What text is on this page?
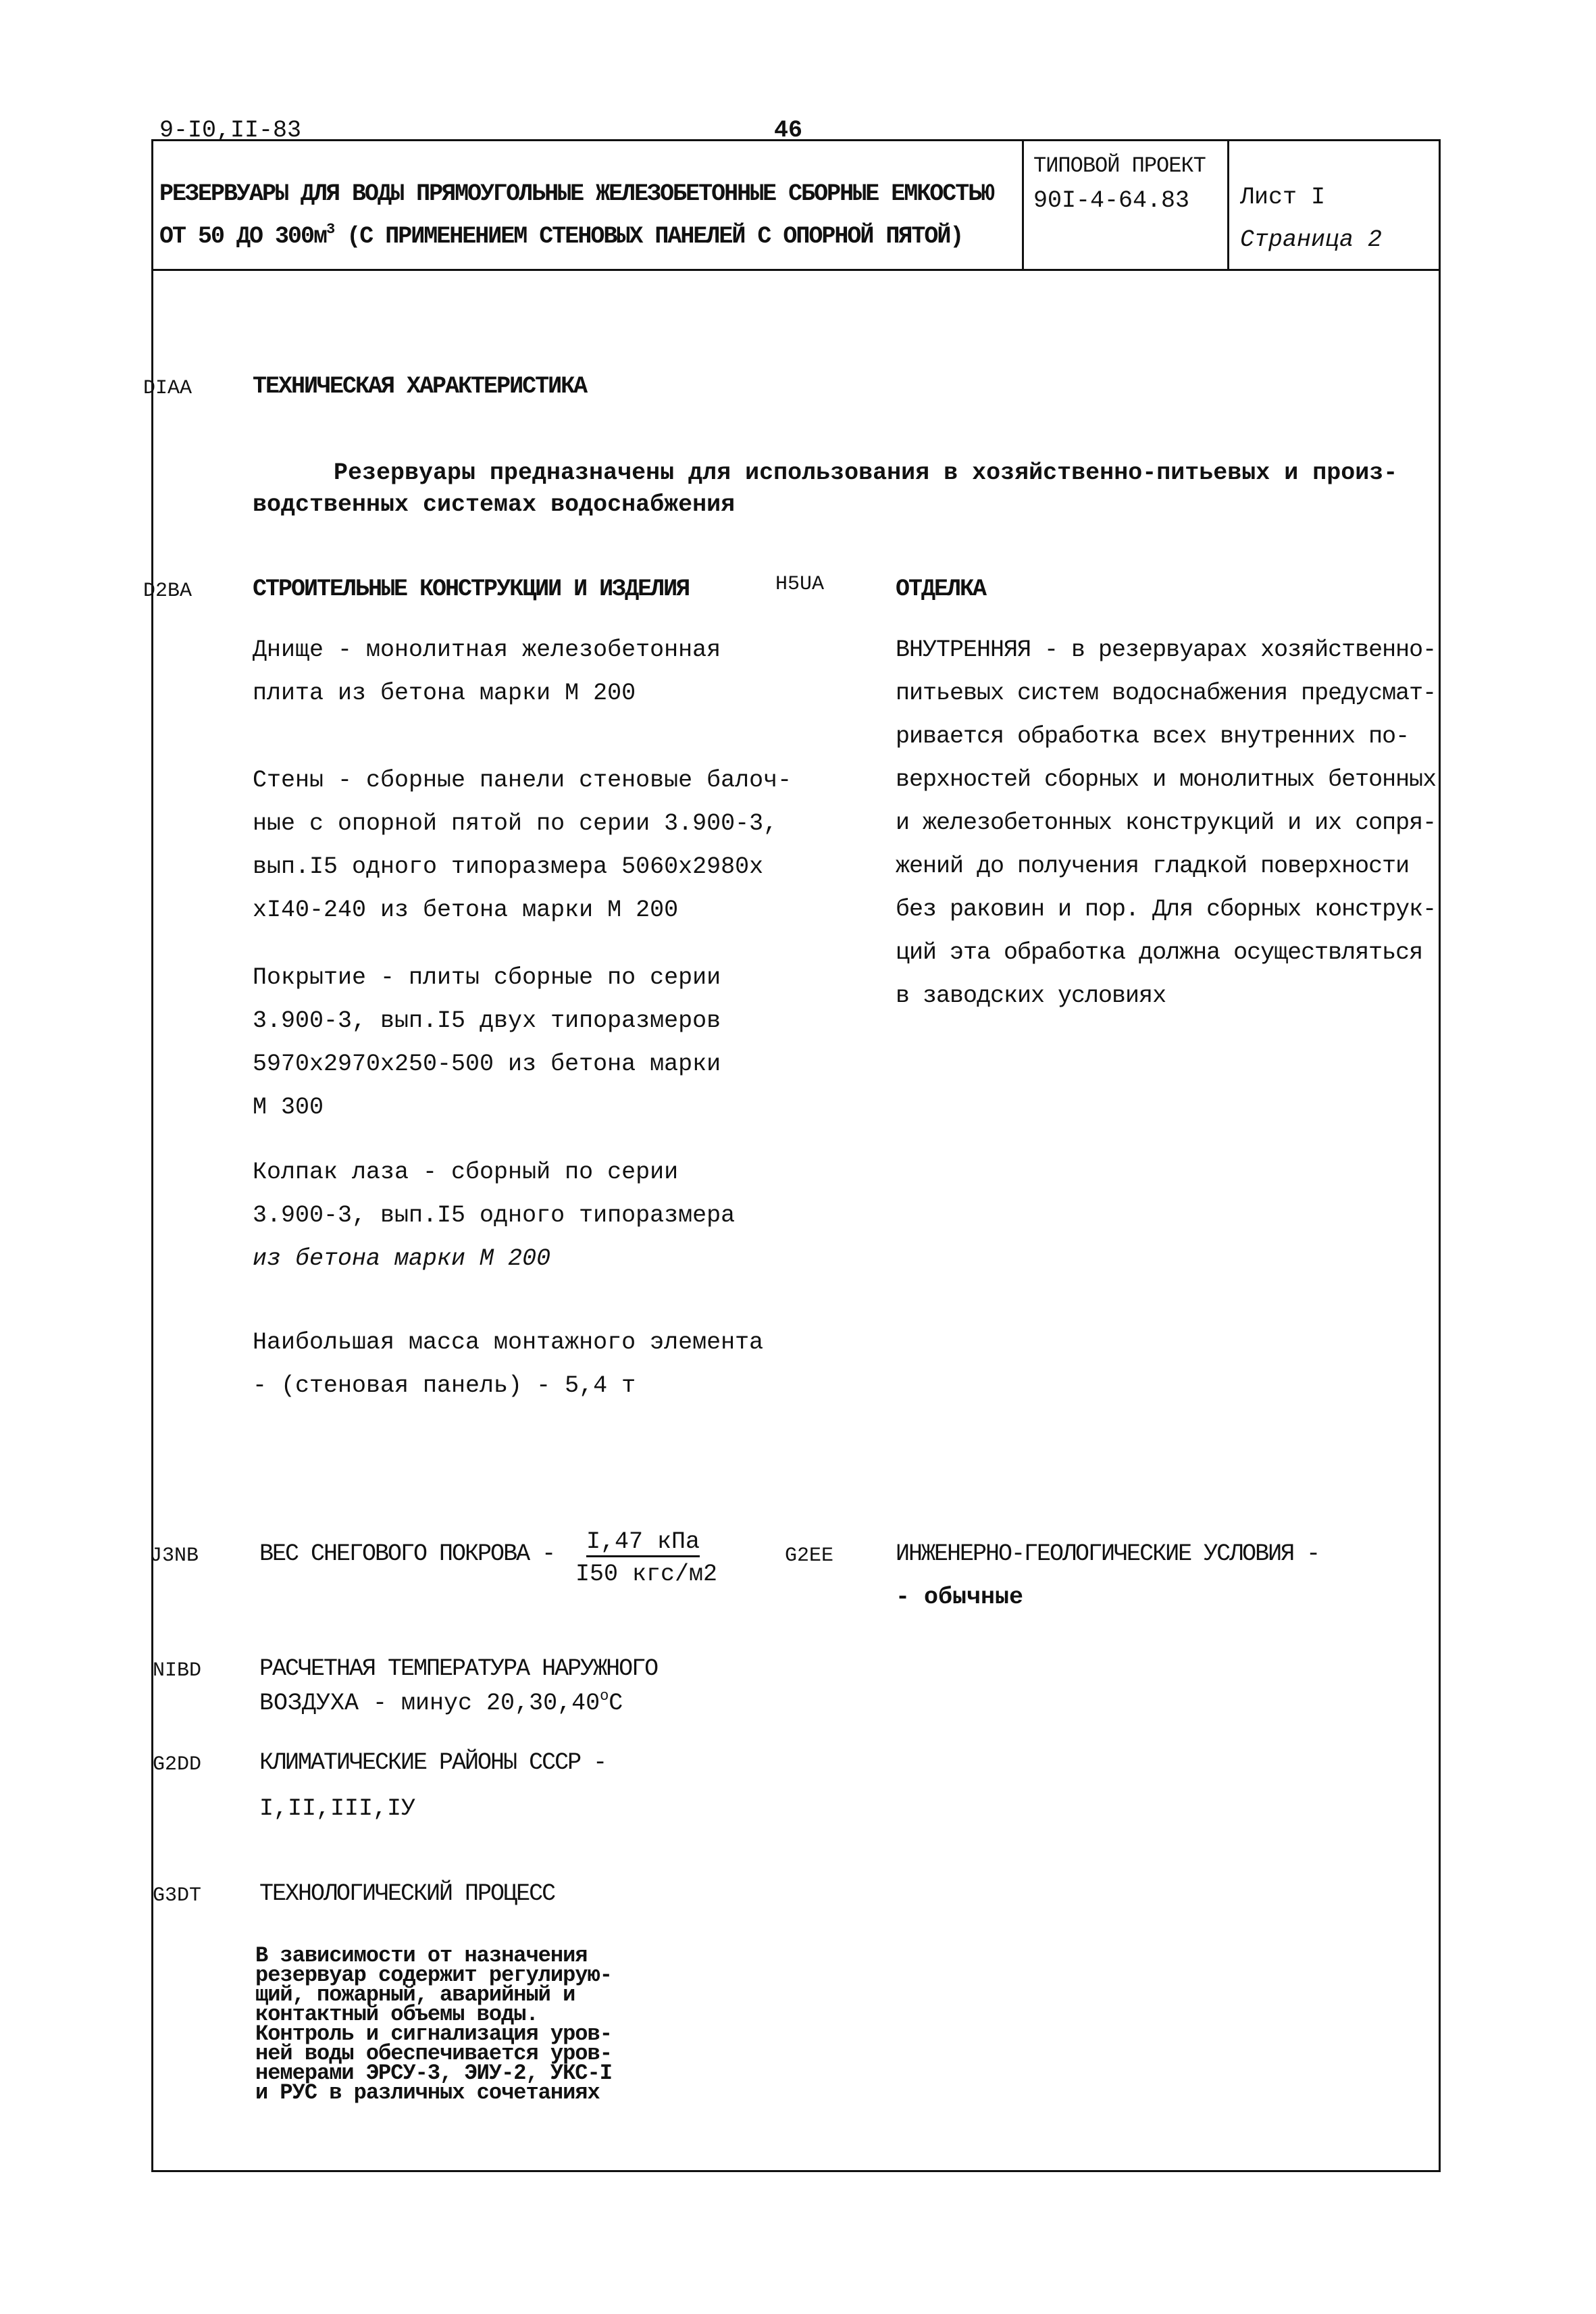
9-I0,II-83	46
РЕЗЕРВУАРЫ ДЛЯ ВОДЫ ПРЯМОУГОЛЬНЫЕ ЖЕЛЕЗОБЕТОННЫЕ СБОРНЫЕ ЕМКОСТЬЮ
ОТ 50 ДО $300м^3$ (С ПРИМЕНЕНИЕМ СТЕНОВЫХ ПАНЕЛЕЙ С ОПОРНОЙ ПЯТОЙ)
ТИПОВОЙ ПРОЕКТ
90I-4-64.83 Лист I
Страница 2
DIAA	ТЕХНИЧЕСКАЯ ХАРАКТЕРИСТИКА
Резервуары предназначены для использования в хозяйственно-питьевых и произ-
водственных системах водоснабжения
D2BA	СТРОИТЕЛЬНЫЕ КОНСТРУКЦИИ И ИЗДЕЛИЯ
Днище - монолитная железобетонная
плита из бетона марки М 200
Стены - сборные панели стеновые балоч-
ные с опорной пятой по серии 3.900-3,
вып.I5 одного типоразмера 5060х2980х
хI40-240 из бетона марки М 200
Покрытие - плиты сборные по серии
3.900-3, вып.I5 двух типоразмеров
5970х2970х250-500 из бетона марки
М 300
Колпак лаза - сборный по серии
3.900-3, вып.I5 одного типоразмера
из бетона марки М 200
Наибольшая масса монтажного элемента
- (стеновая панель) - 5,4 т
Н5UA	ОТДЕЛКА
ВНУТРЕННЯЯ - в резервуарах хозяйственно-
питьевых систем водоснабжения предусмат-
ривается обработка всех внутренних по-
верхностей сборных и монолитных бетонных
и железобетонных конструкций и их сопря-
жений до получения гладкой поверхности
без раковин и пор. Для сборных конструк-
ций эта обработка должна осуществляться
в заводских условиях
J3NB	ВЕС СНЕГОВОГО ПОКРОВА - I,47 кПа
I50 кгс/м2
G2EE	ИНЖЕНЕРНО-ГЕОЛОГИЧЕСКИЕ УСЛОВИЯ -
- обычные
NIBD РАСЧЕТНАЯ ТЕМПЕРАТУРА НАРУЖНОГО
ВОЗДУХА - минус $20,30,40^оС$
G2DD КЛИМАТИЧЕСКИЕ РАЙОНЫ СССР -
I,II,III,IУ
G3DT ТЕХНОЛОГИЧЕСКИЙ ПРОЦЕСС
В зависимости от назначения
резервуар содержит регулирую-
щий, пожарный, аварийный и
контактный объемы воды.
Контроль и сигнализация уров-
ней воды обеспечивается уров-
немерами ЭРСУ-3, ЭИУ-2, УКС-I
и РУС в различных сочетаниях
